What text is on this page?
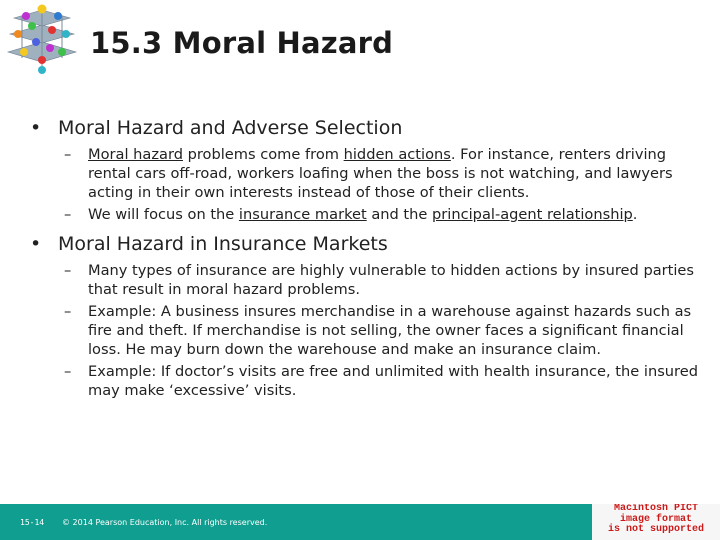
15.3 Moral Hazard
• Moral Hazard and Adverse Selection
– Moral hazard problems come from hidden actions. For instance, renters driving rental cars off-road, workers loafing when the boss is not watching, and lawyers acting in their own interests instead of those of their clients.
– We will focus on the insurance market and the principal-agent relationship.
• Moral Hazard in Insurance Markets
– Many types of insurance are highly vulnerable to hidden actions by insured parties that result in moral hazard problems.
– Example: A business insures merchandise in a warehouse against hazards such as fire and theft. If merchandise is not selling, the owner faces a significant financial loss. He may burn down the warehouse and make an insurance claim.
– Example: If doctor’s visits are free and unlimited with health insurance, the insured may make ‘excessive’ visits.
15-14 © 2014 Pearson Education, Inc. All rights reserved.
Macintosh PICT
image format
is not supported
